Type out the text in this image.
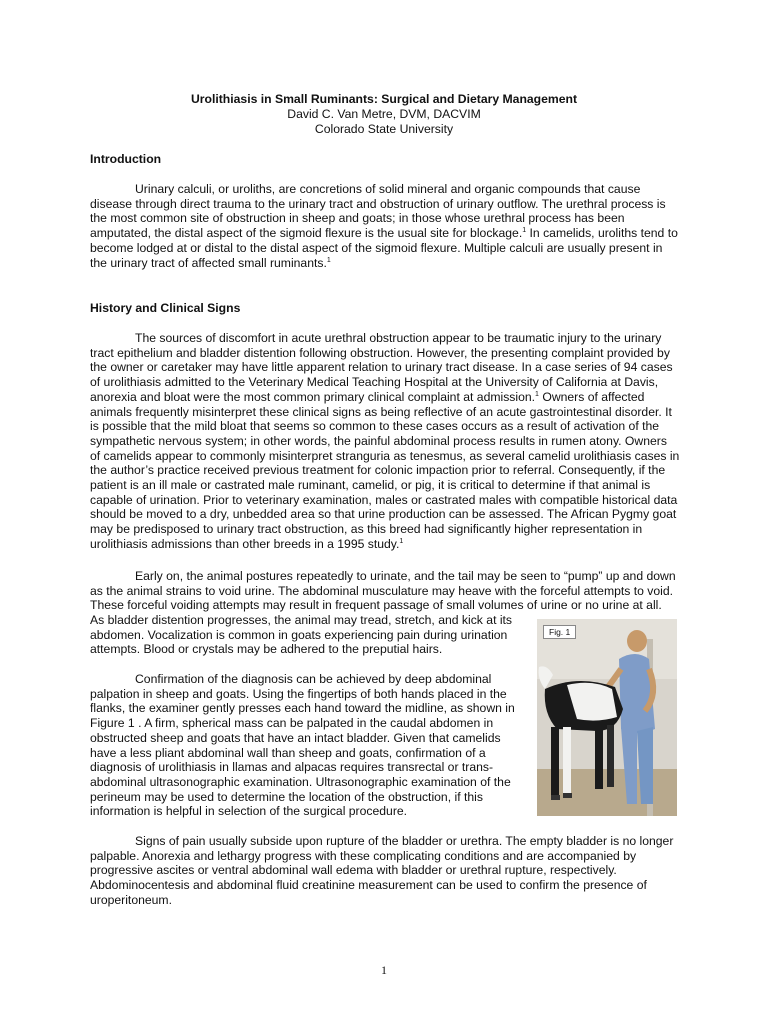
Urolithiasis in Small Ruminants: Surgical and Dietary Management
David C. Van Metre, DVM, DACVIM
Colorado State University
Introduction
Urinary calculi, or uroliths, are concretions of solid mineral and organic compounds that cause disease through direct trauma to the urinary tract and obstruction of urinary outflow. The urethral process is the most common site of obstruction in sheep and goats; in those whose urethral process has been amputated, the distal aspect of the sigmoid flexure is the usual site for blockage.$^1$ In camelids, uroliths tend to become lodged at or distal to the distal aspect of the sigmoid flexure. Multiple calculi are usually present in the urinary tract of affected small ruminants.$^1$
History and Clinical Signs
The sources of discomfort in acute urethral obstruction appear to be traumatic injury to the urinary tract epithelium and bladder distention following obstruction. However, the presenting complaint provided by the owner or caretaker may have little apparent relation to urinary tract disease. In a case series of 94 cases of urolithiasis admitted to the Veterinary Medical Teaching Hospital at the University of California at Davis, anorexia and bloat were the most common primary clinical complaint at admission.$^1$ Owners of affected animals frequently misinterpret these clinical signs as being reflective of an acute gastrointestinal disorder. It is possible that the mild bloat that seems so common to these cases occurs as a result of activation of the sympathetic nervous system; in other words, the painful abdominal process results in rumen atony. Owners of camelids appear to commonly misinterpret stranguria as tenesmus, as several camelid urolithiasis cases in the author’s practice received previous treatment for colonic impaction prior to referral. Consequently, if the patient is an ill male or castrated male ruminant, camelid, or pig, it is critical to determine if that animal is capable of urination. Prior to veterinary examination, males or castrated males with compatible historical data should be moved to a dry, unbedded area so that urine production can be assessed. The African Pygmy goat may be predisposed to urinary tract obstruction, as this breed had significantly higher representation in urolithiasis admissions than other breeds in a 1995 study.$^1$
Early on, the animal postures repeatedly to urinate, and the tail may be seen to “pump” up and down as the animal strains to void urine. The abdominal musculature may heave with the forceful attempts to void. These forceful voiding attempts may result in frequent passage of small volumes of urine or no urine at all.
As bladder distention progresses, the animal may tread, stretch, and kick at its abdomen. Vocalization is common in goats experiencing pain during urination attempts. Blood or crystals may be adhered to the preputial hairs.
Confirmation of the diagnosis can be achieved by deep abdominal palpation in sheep and goats. Using the fingertips of both hands placed in the flanks, the examiner gently presses each hand toward the midline, as shown in Figure 1 . A firm, spherical mass can be palpated in the caudal abdomen in obstructed sheep and goats that have an intact bladder. Given that camelids have a less pliant abdominal wall than sheep and goats, confirmation of a diagnosis of urolithiasis in llamas and alpacas requires transrectal or trans-abdominal ultrasonographic examination. Ultrasonographic examination of the perineum may be used to determine the location of the obstruction, if this information is helpful in selection of the surgical procedure.
Fig. 1
Signs of pain usually subside upon rupture of the bladder or urethra. The empty bladder is no longer palpable. Anorexia and lethargy progress with these complicating conditions and are accompanied by progressive ascites or ventral abdominal wall edema with bladder or urethral rupture, respectively. Abdominocentesis and abdominal fluid creatinine measurement can be used to confirm the presence of uroperitoneum.
1
